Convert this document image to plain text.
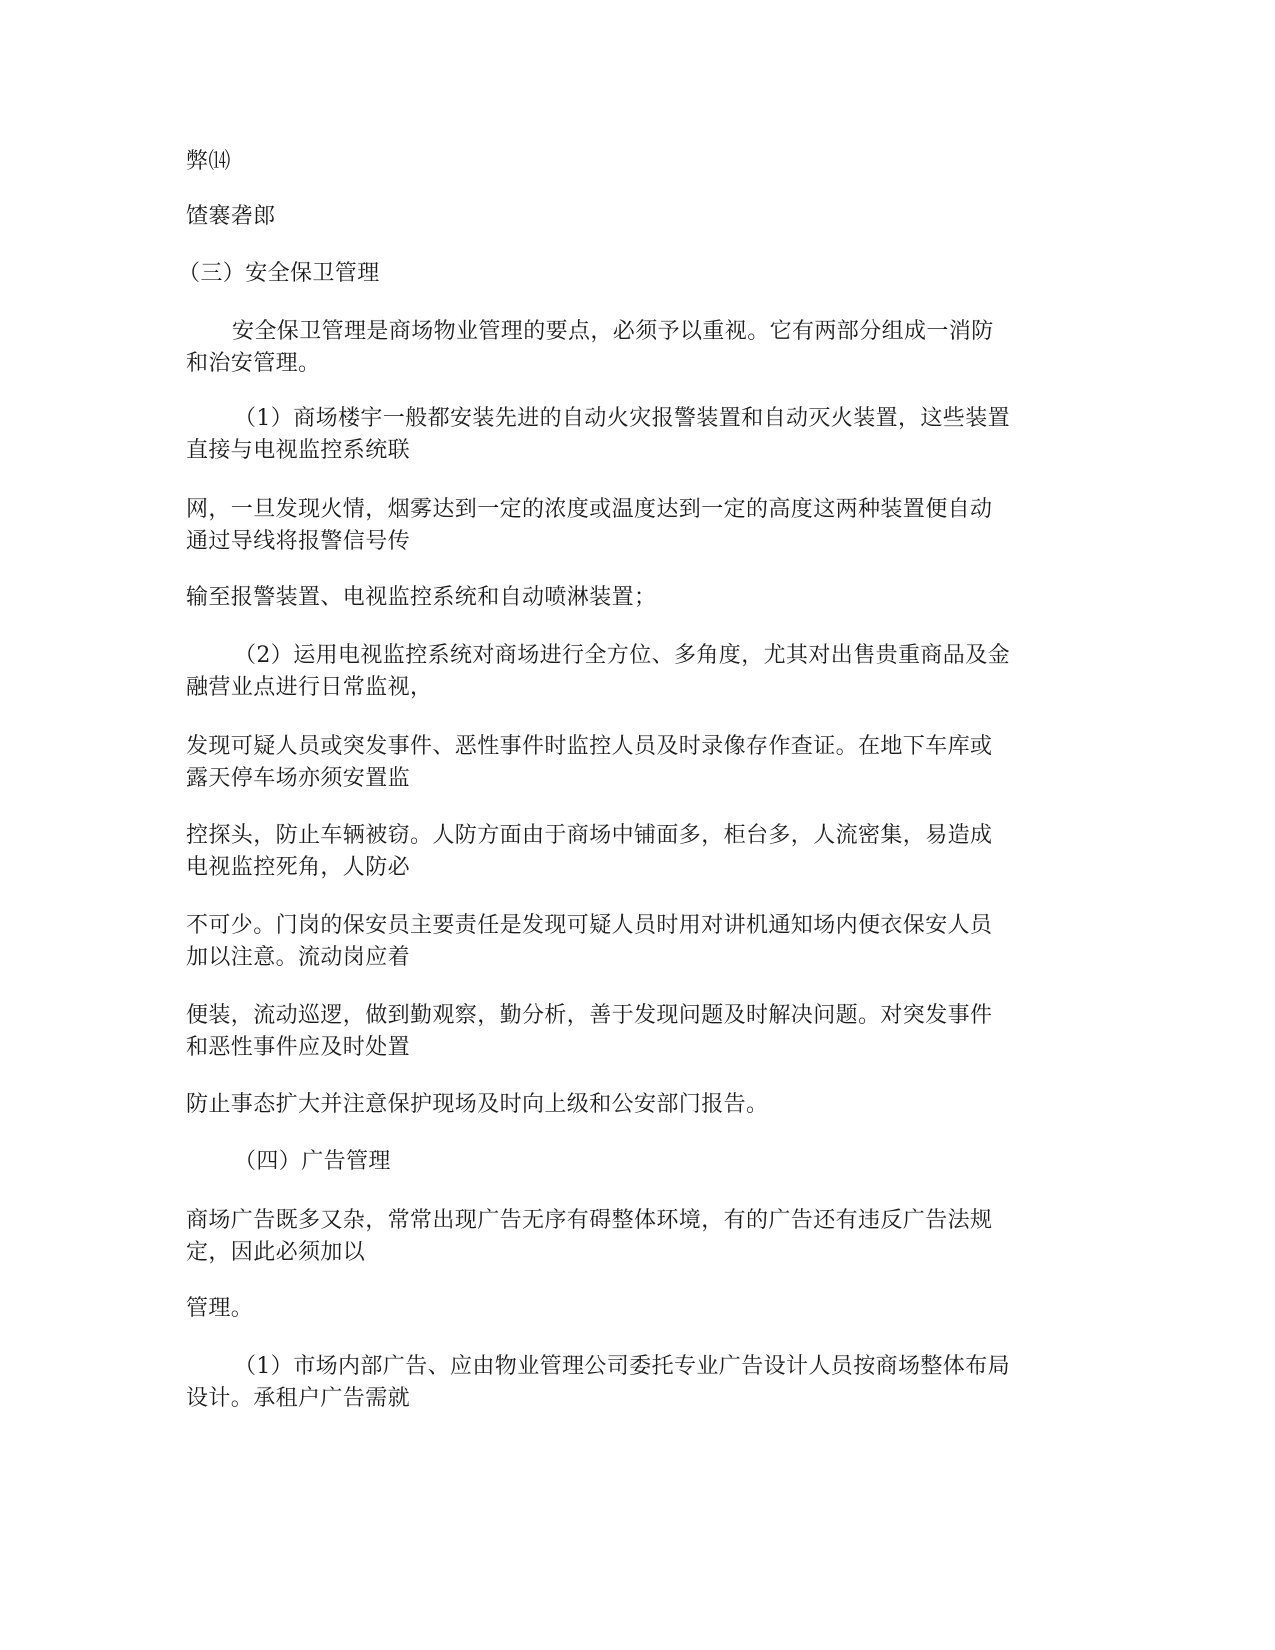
弊⒁
馇褰砻郎
（三）安全保卫管理
安全保卫管理是商场物业管理的要点，必须予以重视。它有两部分组成一消防
和治安管理。
（1）商场楼宇一般都安装先进的自动火灾报警装置和自动灭火装置，这些装置
直接与电视监控系统联
网，一旦发现火情，烟雾达到一定的浓度或温度达到一定的高度这两种装置便自动
通过导线将报警信号传
输至报警装置、电视监控系统和自动喷淋装置；
（2）运用电视监控系统对商场进行全方位、多角度，尤其对出售贵重商品及金
融营业点进行日常监视，
发现可疑人员或突发事件、恶性事件时监控人员及时录像存作查证。在地下车库或
露天停车场亦须安置监
控探头，防止车辆被窃。人防方面由于商场中铺面多，柜台多，人流密集，易造成
电视监控死角，人防必
不可少。门岗的保安员主要责任是发现可疑人员时用对讲机通知场内便衣保安人员
加以注意。流动岗应着
便装，流动巡逻，做到勤观察，勤分析，善于发现问题及时解决问题。对突发事件
和恶性事件应及时处置
防止事态扩大并注意保护现场及时向上级和公安部门报告。
（四）广告管理
商场广告既多又杂，常常出现广告无序有碍整体环境，有的广告还有违反广告法规
定，因此必须加以
管理。
（1）市场内部广告、应由物业管理公司委托专业广告设计人员按商场整体布局
设计。承租户广告需就
